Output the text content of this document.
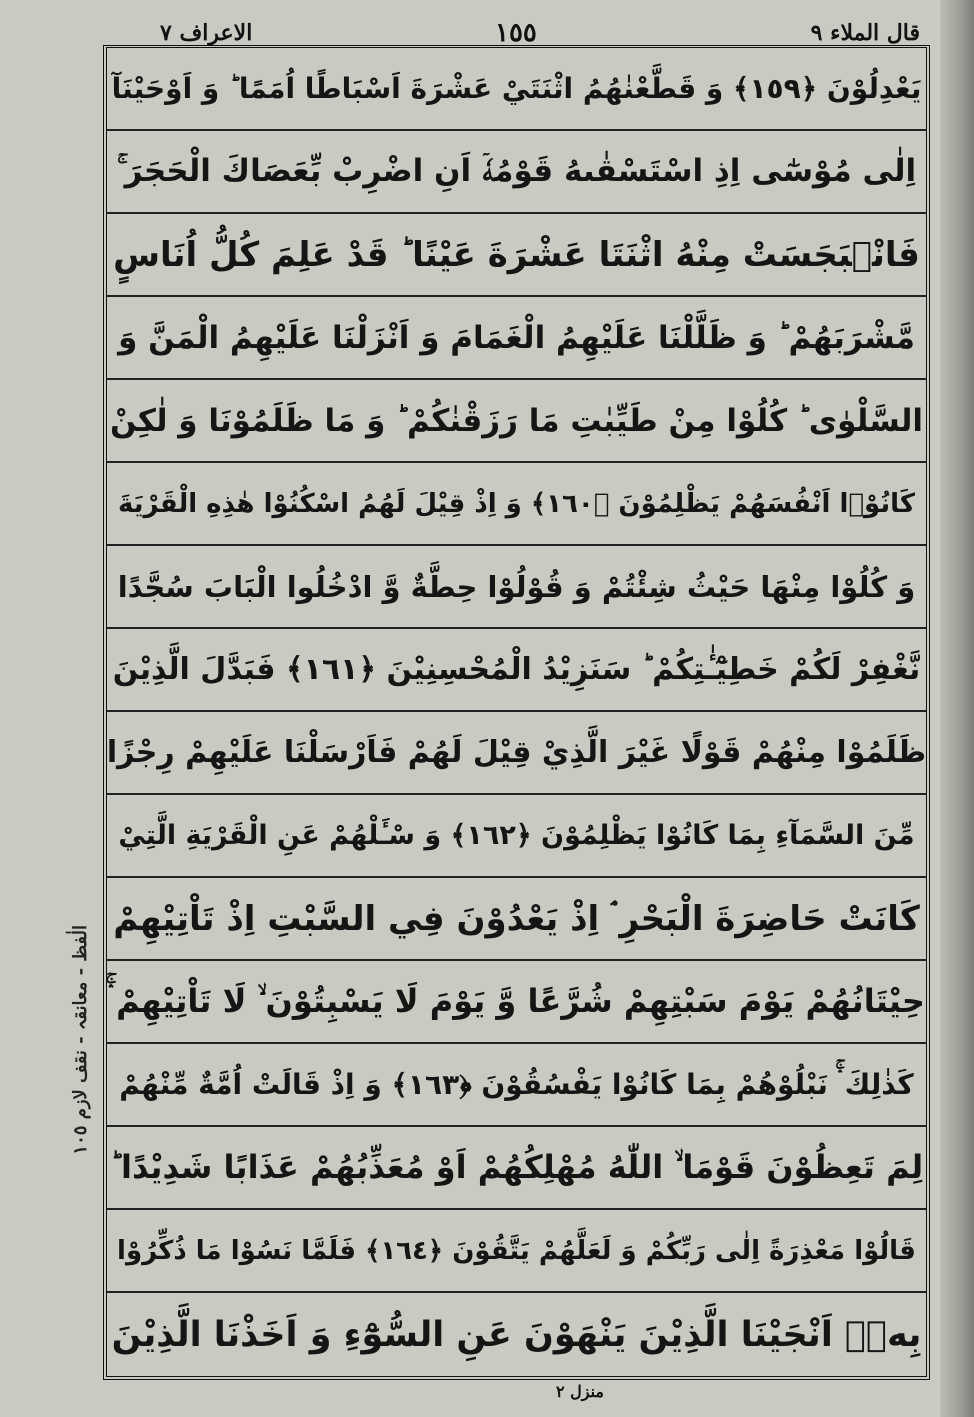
قال الملاء ٩
١٥٥
الاعراف ٧
يَعْدِلُوْنَ ﴿١٥٩﴾ وَ قَطَّعْنٰهُمُ اثْنَتَيْ عَشْرَةَ اَسْبَاطًا اُمَمًا ؕ وَ اَوْحَيْنَآ
اِلٰى مُوْسٰٓى اِذِ اسْتَسْقٰىهُ قَوْمُهٗۤ اَنِ اضْرِبْ بِّعَصَاكَ الْحَجَرَ ۚ
فَانْۢبَجَسَتْ مِنْهُ اثْنَتَا عَشْرَةَ عَيْنًا ؕ قَدْ عَلِمَ كُلُّ اُنَاسٍ
مَّشْرَبَهُمْ ؕ وَ ظَلَّلْنَا عَلَيْهِمُ الْغَمَامَ وَ اَنْزَلْنَا عَلَيْهِمُ الْمَنَّ وَ
السَّلْوٰى ؕ كُلُوْا مِنْ طَيِّبٰتِ مَا رَزَقْنٰكُمْ ؕ وَ مَا ظَلَمُوْنَا وَ لٰكِنْ
كَانُوْۤا اَنْفُسَهُمْ يَظْلِمُوْنَ ﴿١٦٠﴾ وَ اِذْ قِيْلَ لَهُمُ اسْكُنُوْا هٰذِهِ الْقَرْيَةَ
وَ كُلُوْا مِنْهَا حَيْثُ شِئْتُمْ وَ قُوْلُوْا حِطَّةٌ وَّ ادْخُلُوا الْبَابَ سُجَّدًا
نَّغْفِرْ لَكُمْ خَطِيْٓـٰٔتِكُمْ ؕ سَنَزِيْدُ الْمُحْسِنِيْنَ ﴿١٦١﴾ فَبَدَّلَ الَّذِيْنَ
ظَلَمُوْا مِنْهُمْ قَوْلًا غَيْرَ الَّذِيْ قِيْلَ لَهُمْ فَاَرْسَلْنَا عَلَيْهِمْ رِجْزًا
مِّنَ السَّمَآءِ بِمَا كَانُوْا يَظْلِمُوْنَ ﴿١٦٢﴾ وَ سْـَٔلْهُمْ عَنِ الْقَرْيَةِ الَّتِيْ
كَانَتْ حَاضِرَةَ الْبَحْرِ ۘ اِذْ يَعْدُوْنَ فِي السَّبْتِ اِذْ تَاْتِيْهِمْ
حِيْتَانُهُمْ يَوْمَ سَبْتِهِمْ شُرَّعًا وَّ يَوْمَ لَا يَسْبِتُوْنَ ۙ لَا تَاْتِيْهِمْ ۛۚ
كَذٰلِكَ ۛۚ نَبْلُوْهُمْ بِمَا كَانُوْا يَفْسُقُوْنَ ﴿١٦٣﴾ وَ اِذْ قَالَتْ اُمَّةٌ مِّنْهُمْ
لِمَ تَعِظُوْنَ قَوْمَا ۙ اللّٰهُ مُهْلِكُهُمْ اَوْ مُعَذِّبُهُمْ عَذَابًا شَدِيْدًا ؕ
قَالُوْا مَعْذِرَةً اِلٰى رَبِّكُمْ وَ لَعَلَّهُمْ يَتَّقُوْنَ ﴿١٦٤﴾ فَلَمَّا نَسُوْا مَا ذُكِّرُوْا
بِهٖۤ اَنْجَيْنَا الَّذِيْنَ يَنْهَوْنَ عَنِ السُّوْٓءِ وَ اَخَذْنَا الَّذِيْنَ
الٰفظ - معانقہ - نقف لازم ١٠٥
منزل ٢
